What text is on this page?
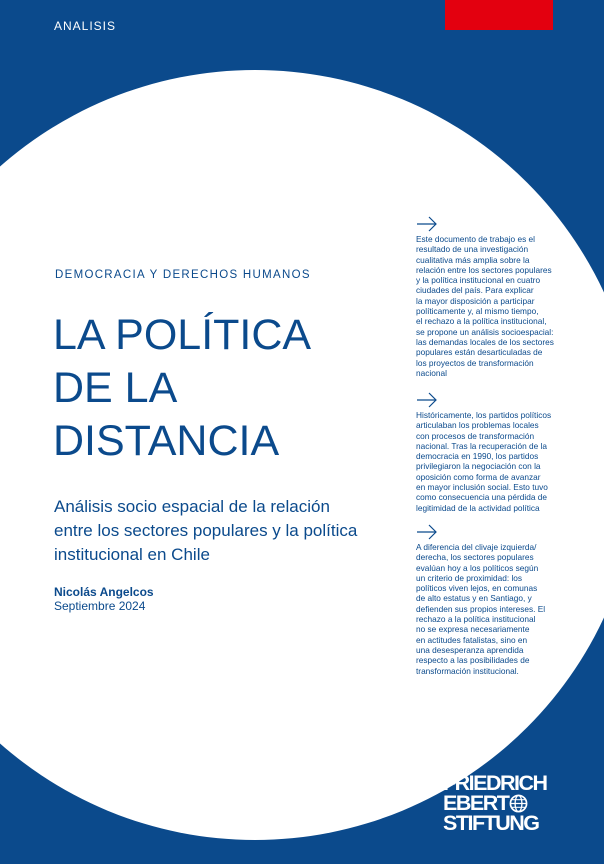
ANALISIS
DEMOCRACIA Y DERECHOS HUMANOS
LA POLÍTICA
DE LA
DISTANCIA
Análisis socio espacial de la relación
entre los sectores populares y la política
institucional en Chile
Nicolás Angelcos
Septiembre 2024
Este documento de trabajo es el
resultado de una investigación
cualitativa más amplia sobre la
relación entre los sectores populares
y la política institucional en cuatro
ciudades del país. Para explicar
la mayor disposición a participar
políticamente y, al mismo tiempo,
el rechazo a la política institucional,
se propone un análisis socioespacial:
las demandas locales de los sectores
populares están desarticuladas de
los proyectos de transformación
nacional
Históricamente, los partidos políticos
articulaban los problemas locales
con procesos de transformación
nacional. Tras la recuperación de la
democracia en 1990, los partidos
privilegiaron la negociación con la
oposición como forma de avanzar
en mayor inclusión social. Esto tuvo
como consecuencia una pérdida de
legitimidad de la actividad política
A diferencia del clivaje izquierda/
derecha, los sectores populares
evalúan hoy a los políticos según
un criterio de proximidad: los
políticos viven lejos, en comunas
de alto estatus y en Santiago, y
defienden sus propios intereses. El
rechazo a la política institucional
no se expresa necesariamente
en actitudes fatalistas, sino en
una desesperanza aprendida
respecto a las posibilidades de
transformación institucional.
FRIEDRICH
EBERT
STIFTUNG
